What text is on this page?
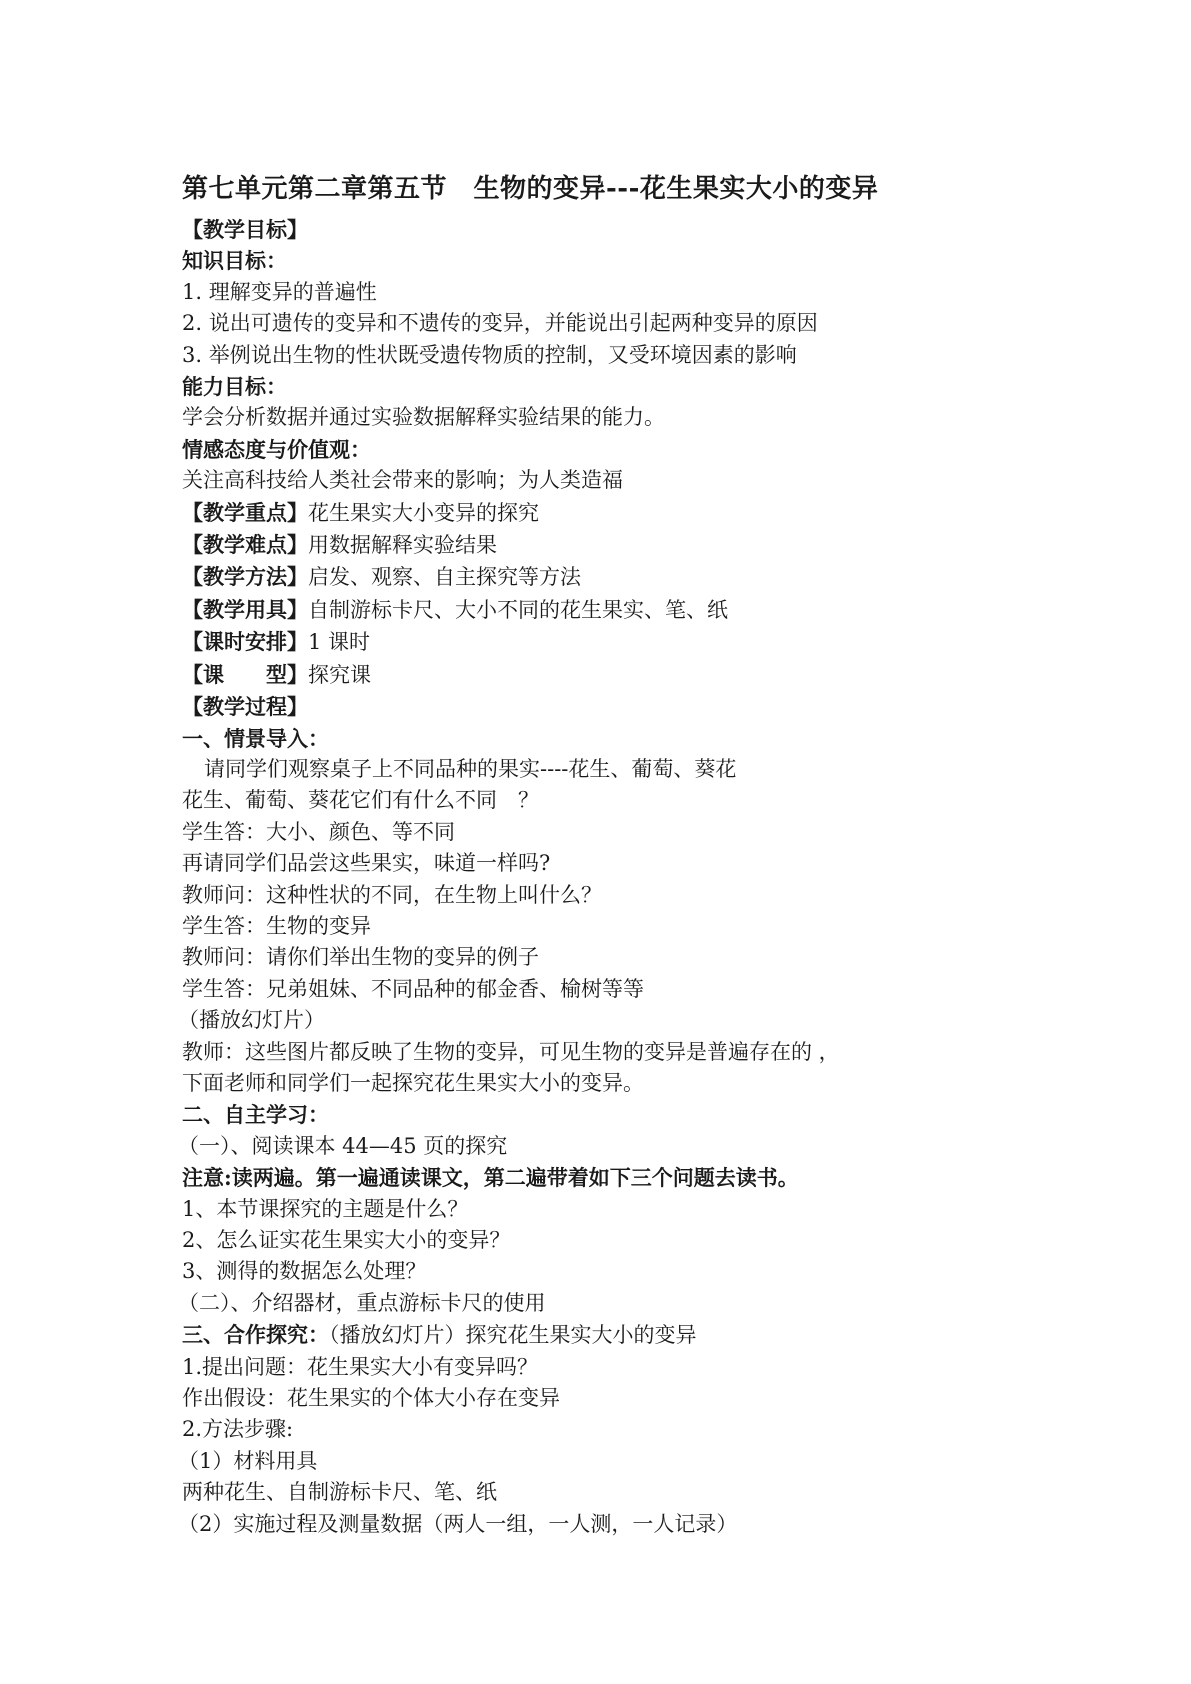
第七单元第二章第五节　生物的变异---花生果实大小的变异
【教学目标】
知识目标：
1. 理解变异的普遍性
2. 说出可遗传的变异和不遗传的变异，并能说出引起两种变异的原因
3. 举例说出生物的性状既受遗传物质的控制，又受环境因素的影响
能力目标：
学会分析数据并通过实验数据解释实验结果的能力。
情感态度与价值观：
关注高科技给人类社会带来的影响；为人类造福
【教学重点】花生果实大小变异的探究
【教学难点】用数据解释实验结果
【教学方法】启发、观察、自主探究等方法
【教学用具】自制游标卡尺、大小不同的花生果实、笔、纸
【课时安排】1 课时
【课　　型】探究课
【教学过程】
一、情景导入：
请同学们观察桌子上不同品种的果实----花生、葡萄、葵花
花生、葡萄、葵花它们有什么不同　？
学生答：大小、颜色、等不同
再请同学们品尝这些果实，味道一样吗?
教师问：这种性状的不同，在生物上叫什么？
学生答：生物的变异
教师问：请你们举出生物的变异的例子
学生答：兄弟姐妹、不同品种的郁金香、榆树等等
（播放幻灯片）
教师：这些图片都反映了生物的变异，可见生物的变异是普遍存在的 ，
下面老师和同学们一起探究花生果实大小的变异。
二、自主学习：
（一）、阅读课本 44—45 页的探究
注意:读两遍。第一遍通读课文，第二遍带着如下三个问题去读书。
1、本节课探究的主题是什么？
2、怎么证实花生果实大小的变异？
3、测得的数据怎么处理？
（二）、介绍器材，重点游标卡尺的使用
三、合作探究：（播放幻灯片）探究花生果实大小的变异
1.提出问题：花生果实大小有变异吗？
作出假设：花生果实的个体大小存在变异
2.方法步骤:
（1）材料用具
两种花生、自制游标卡尺、笔、纸
（2）实施过程及测量数据（两人一组，一人测，一人记录）
